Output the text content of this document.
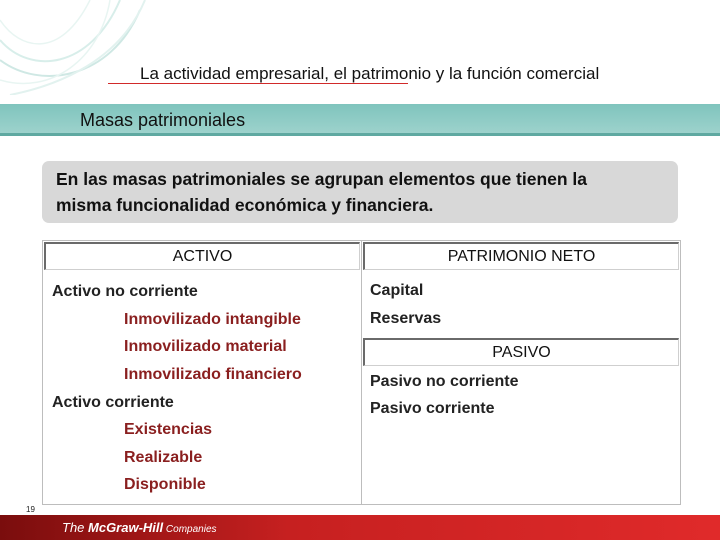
La actividad empresarial, el patrimonio y la función comercial
Masas patrimoniales
En las masas patrimoniales se agrupan elementos que tienen la
misma funcionalidad económica y financiera.
ACTIVO	PATRIMONIO NETO
PASIVO
Activo no corriente
Inmovilizado intangible
Inmovilizado material
Inmovilizado financiero
Activo corriente
Existencias
Realizable
Disponible
Capital
Reservas
Pasivo no corriente
Pasivo corriente
19
The McGraw-Hill Companies
